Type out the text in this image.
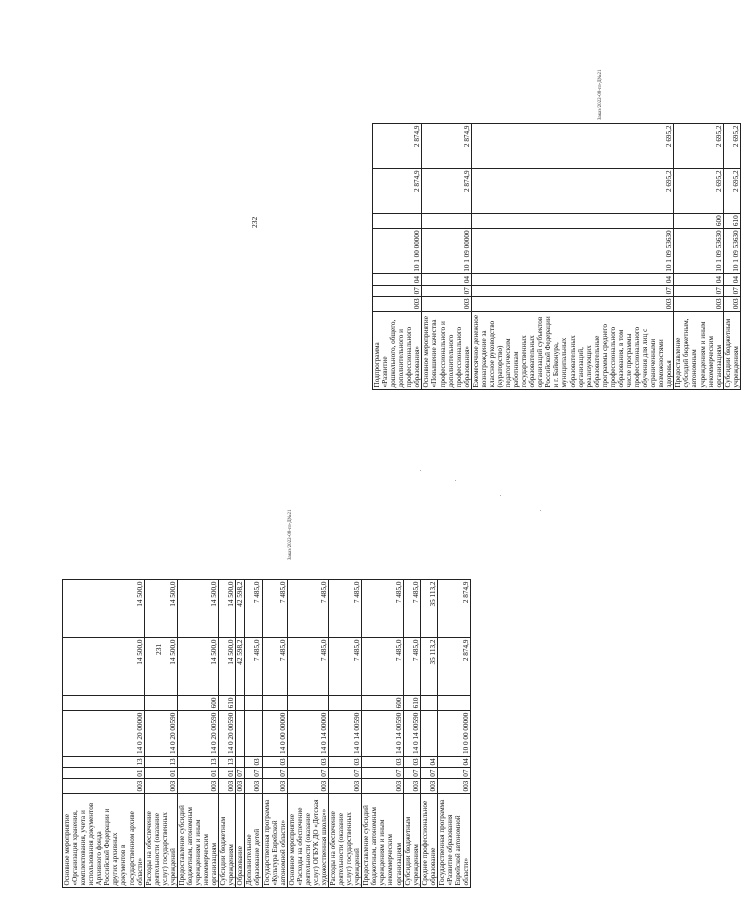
Основное мероприятие «Организация хранения, комплектования, учета и использования документов Архивного фонда Российской Федерации и других архивных документов в государственном архиве области»	003	01	13	14 0 20 00000		14 500,0	14 500,0
Расходы на обеспечение деятельности (оказание услуг) государственных учреждений	003	01	13	14 0 20 00590		14 500,0	14 500,0
Предоставление субсидий бюджетным, автономным учреждениям и иным некоммерческим организациям	003	01	13	14 0 20 00590	600	14 500,0	14 500,0
Субсидии бюджетным учреждениям	003	01	13	14 0 20 00590	610	14 500,0	14 500,0
Образование	003	07				42 598,2	42 598,2
Дополнительное образование детей	003	07	03			7 485,0	7 485,0
Государственная программа «Культура Еврейской автономной области»	003	07	03	14 0 00 00000		7 485,0	7 485,0
Основное мероприятие «Расходы на обеспечение деятельности (оказание услуг) ОГБУК ДО «Детская художественная школа»»	003	07	03	14 0 14 00000		7 485,0	7 485,0
Расходы на обеспечение деятельности (оказание услуг) государственных учреждений	003	07	03	14 0 14 00590		7 485,0	7 485,0
Предоставление субсидий бюджетным, автономным учреждениям и иным некоммерческим организациям	003	07	03	14 0 14 00590	600	7 485,0	7 485,0
Субсидии бюджетным учреждениям	003	07	03	14 0 14 00590	610	7 485,0	7 485,0
Среднее профессиональное образование	003	07	04			35 113,2	35 113,2
Государственная программа «Развитие образования Еврейской автономной области»	003	07	04	10 0 00 00000		2 874,9	2 874,9
Подпрограмма «Развитие дошкольного, общего, дополнительного и профессионального образования»	003	07	04	10 1 00 00000		2 874,9	2 874,9
Основное мероприятие «Повышение качества профессионального и дополнительного профессионального образования»	003	07	04	10 1 09 00000		2 874,9	2 874,9
Ежемесячное денежное вознаграждение за классное руководство (кураторство) педагогическим работникам государственных образовательных организаций субъектов Российской Федерации и г. Байконура, муниципальных образовательных организаций, реализующих образовательные программы среднего профессионального образования, в том числе программы профессионального обучения для лиц с ограниченными возможностями здоровья	003	07	04	10 1 09 53630		2 695,2	2 695,2
Предоставление субсидий бюджетным, автономным учреждениям и иным некоммерческим организациям	003	07	04	10 1 09 53630	600	2 695,2	2 695,2
Субсидии бюджетным учреждениям	003	07	04	10 1 09 53630	610	2 695,2	2 695,2
231
232
Заказ/2022-08-пз-Д№21
Заказ/2022-08-пз-Д№21
